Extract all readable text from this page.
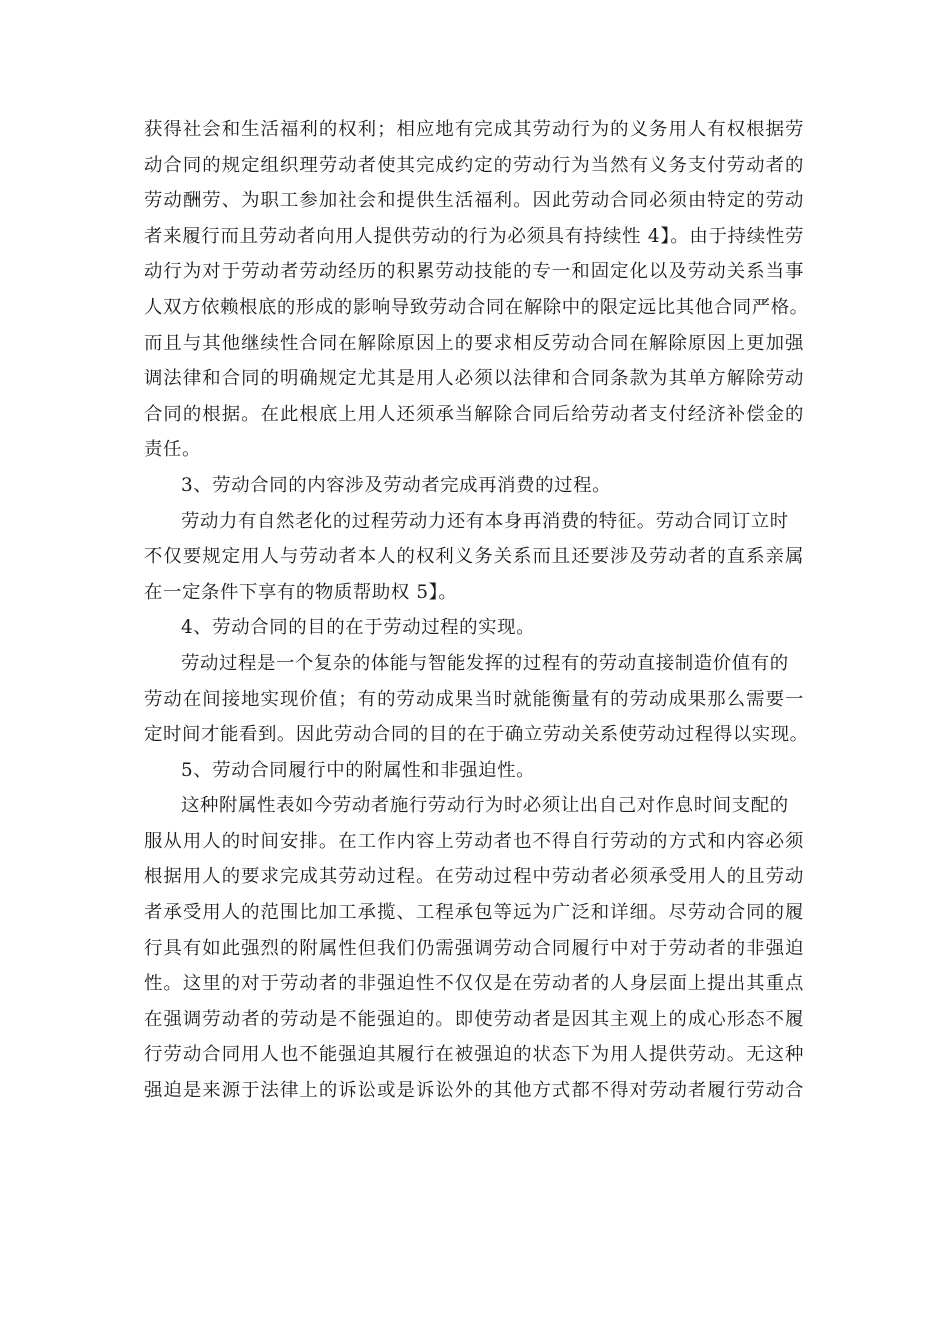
获得社会和生活福利的权利；相应地有完成其劳动行为的义务用人有权根据劳
动合同的规定组织理劳动者使其完成约定的劳动行为当然有义务支付劳动者的
劳动酬劳、为职工参加社会和提供生活福利。因此劳动合同必须由特定的劳动
者来履行而且劳动者向用人提供劳动的行为必须具有持续性 4】。由于持续性劳
动行为对于劳动者劳动经历的积累劳动技能的专一和固定化以及劳动关系当事
人双方依赖根底的形成的影响导致劳动合同在解除中的限定远比其他合同严格。
而且与其他继续性合同在解除原因上的要求相反劳动合同在解除原因上更加强
调法律和合同的明确规定尤其是用人必须以法律和合同条款为其单方解除劳动
合同的根据。在此根底上用人还须承当解除合同后给劳动者支付经济补偿金的
责任。
3、劳动合同的内容涉及劳动者完成再消费的过程。
劳动力有自然老化的过程劳动力还有本身再消费的特征。劳动合同订立时
不仅要规定用人与劳动者本人的权利义务关系而且还要涉及劳动者的直系亲属
在一定条件下享有的物质帮助权 5】。
4、劳动合同的目的在于劳动过程的实现。
劳动过程是一个复杂的体能与智能发挥的过程有的劳动直接制造价值有的
劳动在间接地实现价值；有的劳动成果当时就能衡量有的劳动成果那么需要一
定时间才能看到。因此劳动合同的目的在于确立劳动关系使劳动过程得以实现。
5、劳动合同履行中的附属性和非强迫性。
这种附属性表如今劳动者施行劳动行为时必须让出自己对作息时间支配的
服从用人的时间安排。在工作内容上劳动者也不得自行劳动的方式和内容必须
根据用人的要求完成其劳动过程。在劳动过程中劳动者必须承受用人的且劳动
者承受用人的范围比加工承揽、工程承包等远为广泛和详细。尽劳动合同的履
行具有如此强烈的附属性但我们仍需强调劳动合同履行中对于劳动者的非强迫
性。这里的对于劳动者的非强迫性不仅仅是在劳动者的人身层面上提出其重点
在强调劳动者的劳动是不能强迫的。即使劳动者是因其主观上的成心形态不履
行劳动合同用人也不能强迫其履行在被强迫的状态下为用人提供劳动。无这种
强迫是来源于法律上的诉讼或是诉讼外的其他方式都不得对劳动者履行劳动合
